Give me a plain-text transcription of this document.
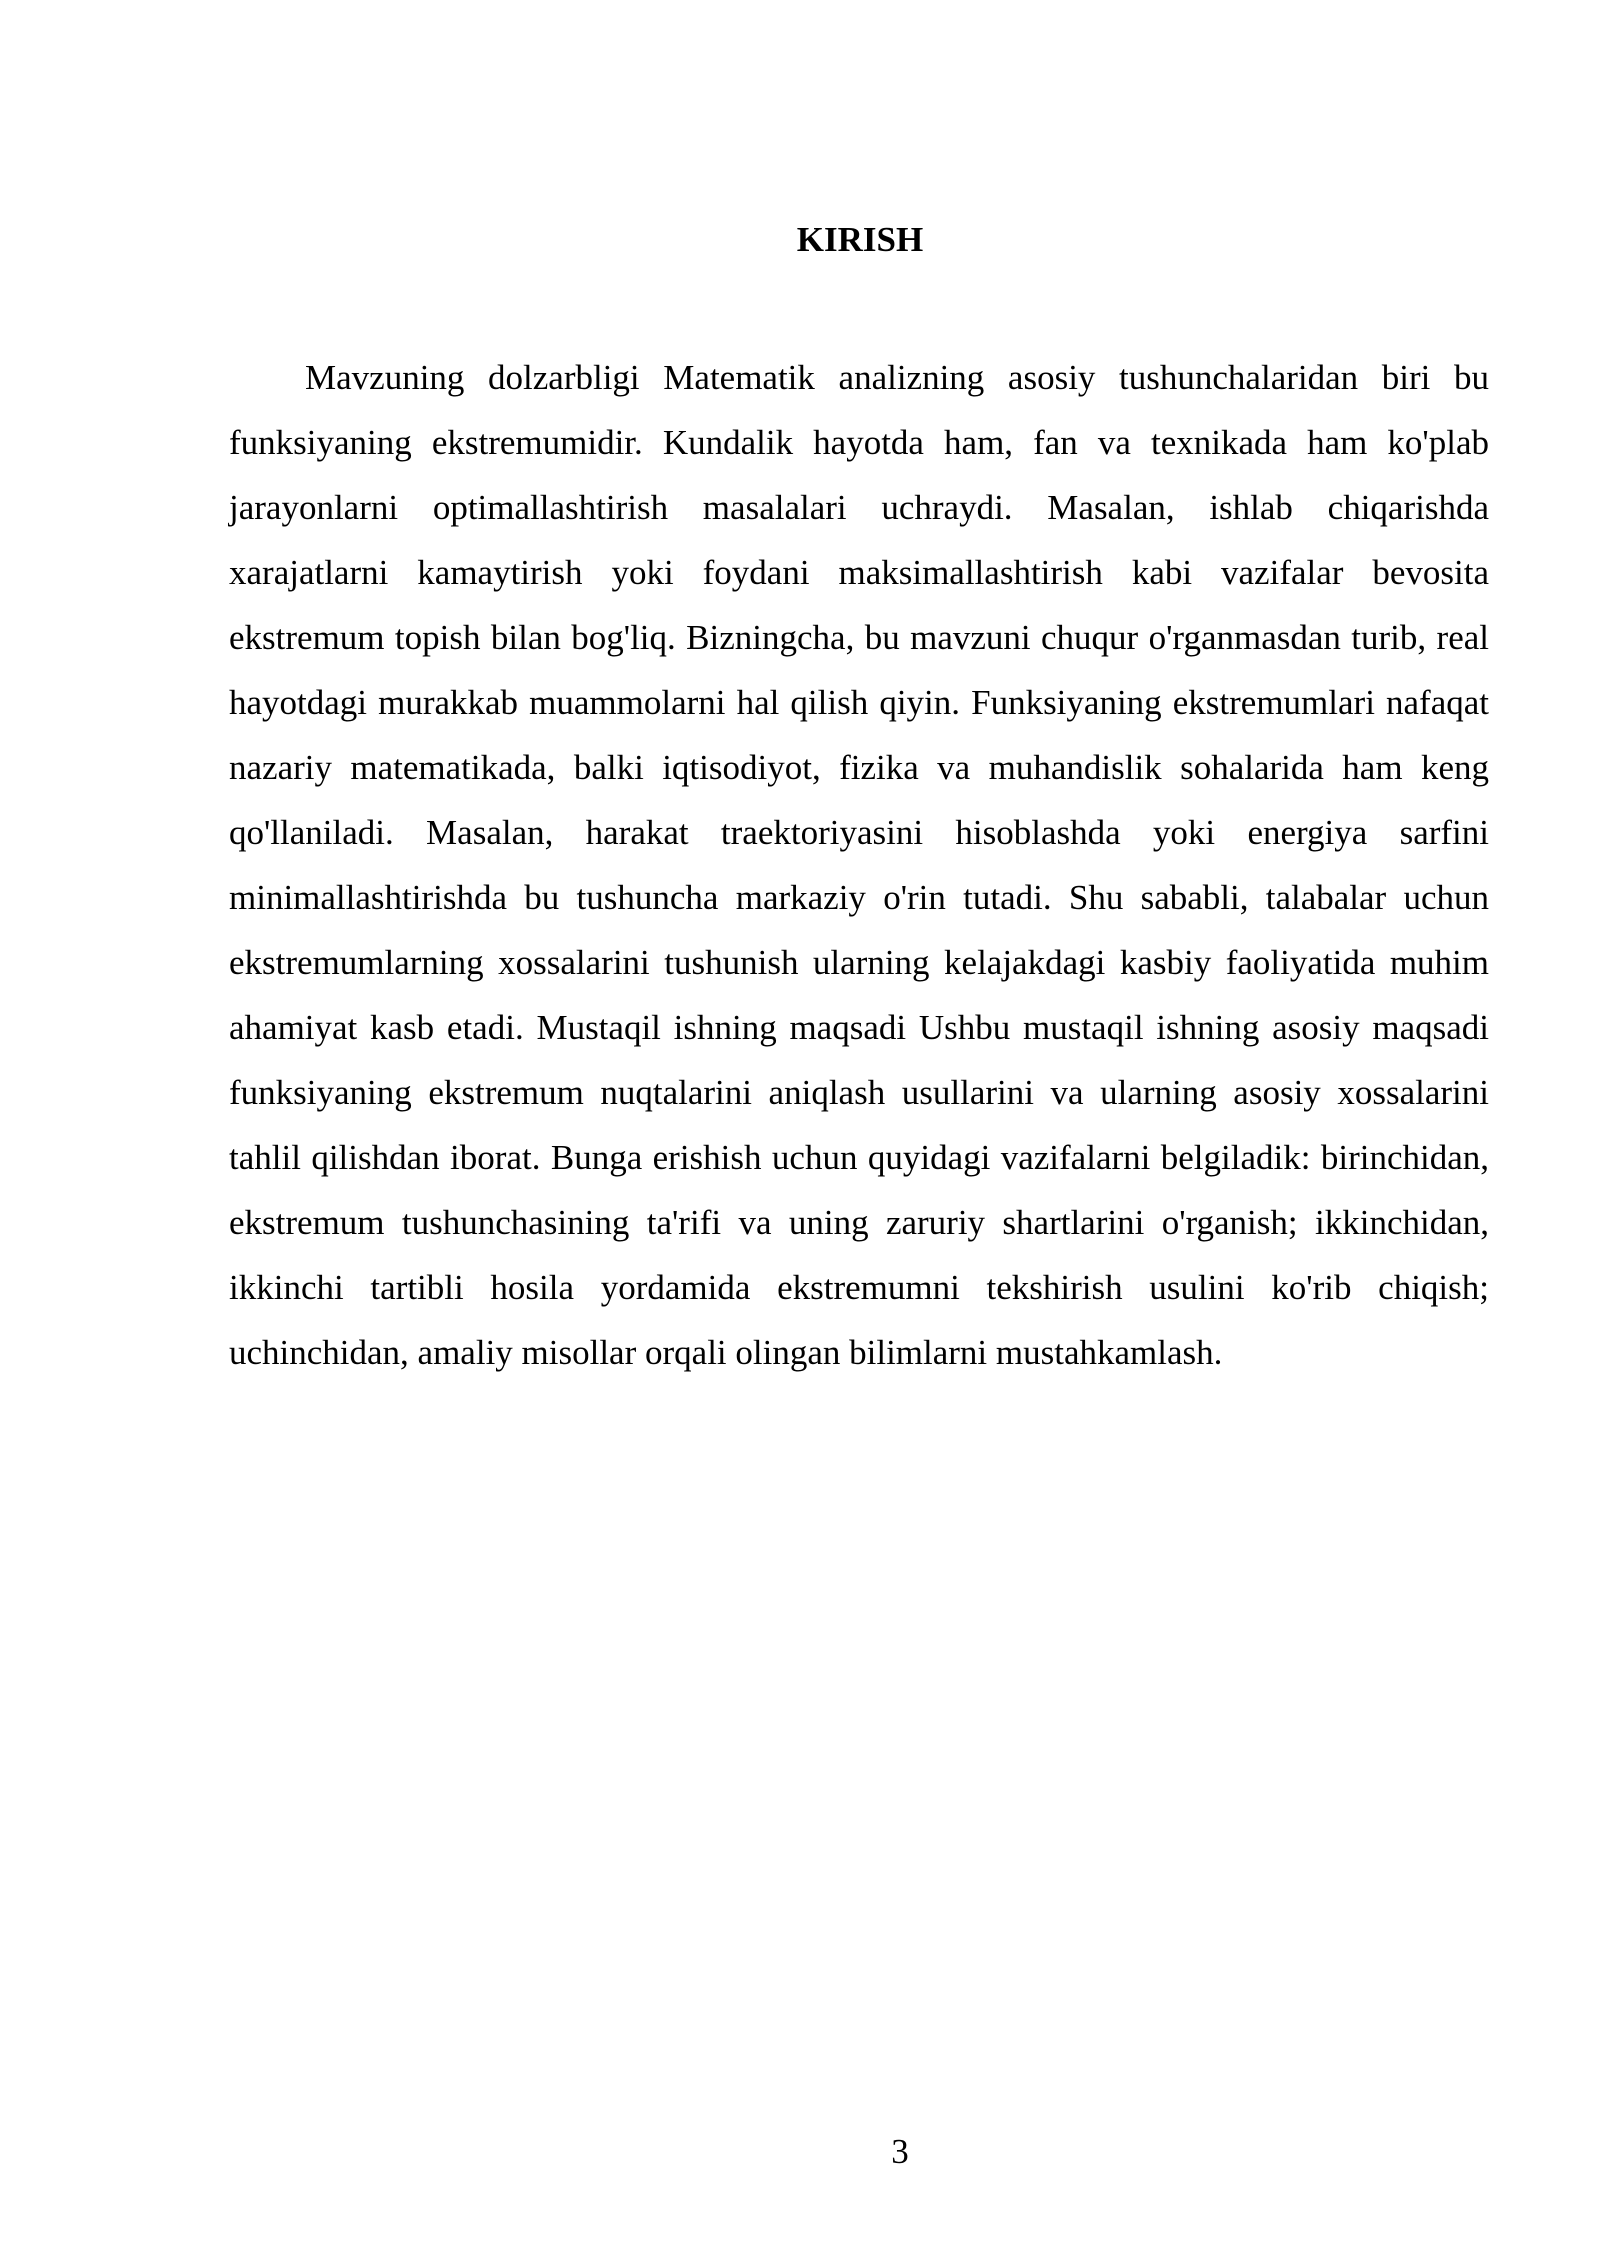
KIRISH

Mavzuning dolzarbligi Matematik analizning asosiy tushunchalaridan biri bu funksiyaning ekstremumidir. Kundalik hayotda ham, fan va texnikada ham ko'plab jarayonlarni optimallashtirish masalalari uchraydi. Masalan, ishlab chiqarishda xarajatlarni kamaytirish yoki foydani maksimallashtirish kabi vazifalar bevosita ekstremum topish bilan bog'liq. Bizningcha, bu mavzuni chuqur o'rganmasdan turib, real hayotdagi murakkab muammolarni hal qilish qiyin. Funksiyaning ekstremumlari nafaqat nazariy matematikada, balki iqtisodiyot, fizika va muhandislik sohalarida ham keng qo'llaniladi. Masalan, harakat traektoriyasini hisoblashda yoki energiya sarfini minimallashtirishda bu tushuncha markaziy o'rin tutadi. Shu sababli, talabalar uchun ekstremumlarning xossalarini tushunish ularning kelajakdagi kasbiy faoliyatida muhim ahamiyat kasb etadi. Mustaqil ishning maqsadi Ushbu mustaqil ishning asosiy maqsadi funksiyaning ekstremum nuqtalarini aniqlash usullarini va ularning asosiy xossalarini tahlil qilishdan iborat. Bunga erishish uchun quyidagi vazifalarni belgiladik: birinchidan, ekstremum tushunchasining ta'rifi va uning zaruriy shartlarini o'rganish; ikkinchidan, ikkinchi tartibli hosila yordamida ekstremumni tekshirish usulini ko'rib chiqish; uchinchidan, amaliy misollar orqali olingan bilimlarni mustahkamlash.

3
